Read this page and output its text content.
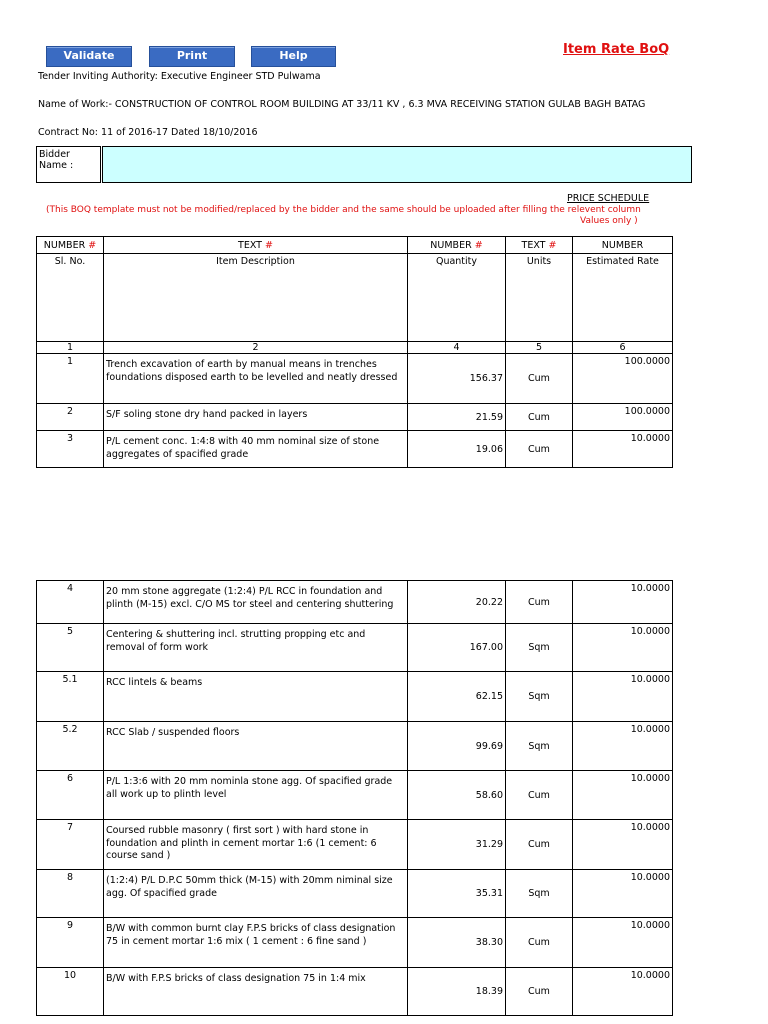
Validate	Print	Help	Item Rate BoQ
Tender Inviting Authority: Executive Engineer STD Pulwama
Name of Work:- CONSTRUCTION OF CONTROL ROOM BUILDING AT 33/11 KV , 6.3 MVA RECEIVING STATION GULAB BAGH BATAG
Contract No: 11 of 2016-17 Dated 18/10/2016
Bidder Name :
PRICE SCHEDULE
(This BOQ template must not be modified/replaced by the bidder and the same should be uploaded after filling the relevent column
Values only )
NUMBER #	TEXT #	NUMBER #	TEXT #	NUMBER
Sl. No.	Item Description	Quantity	Units	Estimated Rate
1	2	4	5	6
1	Trench excavation of earth by manual means in trenches foundations disposed earth to be levelled and neatly dressed	156.37	Cum	100.0000
2	S/F soling stone dry hand packed in layers	21.59	Cum	100.0000
3	P/L cement conc. 1:4:8 with 40 mm nominal size of stone aggregates of spacified grade	19.06	Cum	10.0000
4	20 mm stone aggregate (1:2:4) P/L RCC in foundation and plinth (M-15) excl. C/O MS tor steel and centering shuttering	20.22	Cum	10.0000
5	Centering & shuttering incl. strutting propping etc and removal of form work	167.00	Sqm	10.0000
5.1	RCC lintels & beams	62.15	Sqm	10.0000
5.2	RCC Slab / suspended floors	99.69	Sqm	10.0000
6	P/L 1:3:6 with 20 mm nominla stone agg. Of spacified grade all work up to plinth level	58.60	Cum	10.0000
7	Coursed rubble masonry ( first sort ) with hard stone in foundation and plinth in cement mortar 1:6 (1 cement: 6 course sand )	31.29	Cum	10.0000
8	(1:2:4) P/L D.P.C 50mm thick (M-15) with 20mm niminal size agg. Of spacified grade	35.31	Sqm	10.0000
9	B/W with common burnt clay F.P.S bricks of class designation 75 in cement mortar 1:6 mix ( 1 cement : 6 fine sand )	38.30	Cum	10.0000
10	B/W with F.P.S bricks of class designation 75 in 1:4 mix	18.39	Cum	10.0000
